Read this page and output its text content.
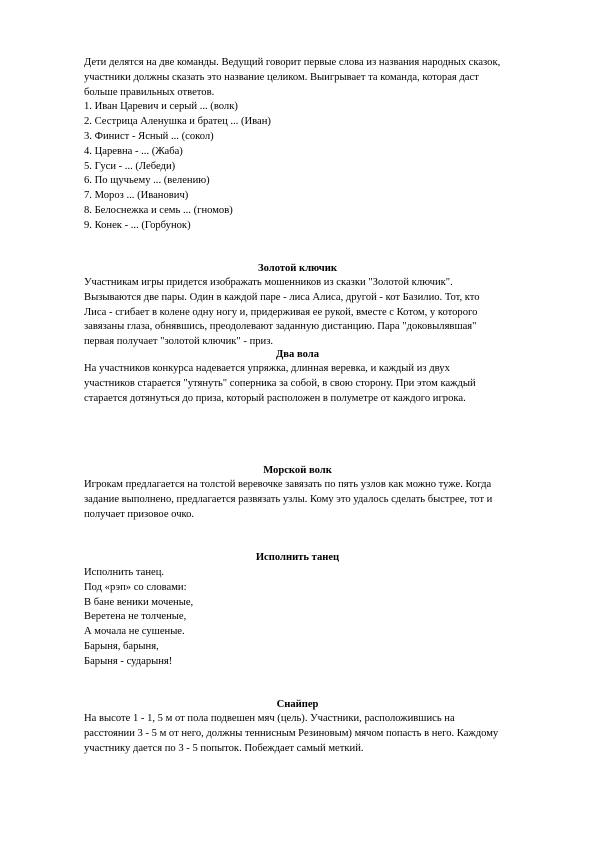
Дети делятся на две команды. Ведущий говорит первые слова из названия народных сказок,

участники должны сказать это название целиком. Выигрывает та команда, которая даст

больше правильных ответов.

1. Иван Царевич и серый ... (волк)

2. Сестрица Аленушка и братец ... (Иван)

3. Финист - Ясный ... (сокол)

4. Царевна - ... (Жаба)

5. Гуси - ... (Лебеди)

6. По щучьему ... (велению)

7. Мороз ... (Иванович)

8. Белоснежка и семь ... (гномов)

9. Конек - ... (Горбунок)

Золотой ключик

Участникам игры придется изображать мошенников из сказки "Золотой ключик".

Вызываются две пары. Один в каждой паре - лиса Алиса, другой - кот Базилио. Тот, кто

Лиса - сгибает в колене одну ногу и, придерживая ее рукой, вместе с Котом, у которого

завязаны глаза, обнявшись, преодолевают заданную дистанцию. Пара "доковылявшая"

первая получает "золотой ключик" - приз.

Два вола

На участников конкурса надевается упряжка, длинная веревка, и каждый из двух

участников старается "утянуть" соперника за собой, в свою сторону. При этом каждый

старается дотянуться до приза, который расположен в полуметре от каждого игрока.

Морской волк

Игрокам предлагается на толстой веревочке завязать по пять узлов как можно туже. Когда

задание выполнено, предлагается развязать узлы. Кому это удалось сделать быстрее, тот и

получает призовое очко.

Исполнить танец

Исполнить танец.

Под «рэп» со словами:

В бане веники моченые,

Веретена не толченые,

А мочала не сушеные.

Барыня, барыня,

Барыня - сударыня!

Снайпер

На высоте 1 - 1, 5 м от пола подвешен мяч (цель). Участники, расположившись на

расстоянии 3 - 5 м от него, должны теннисным Резиновым) мячом попасть в него. Каждому

участнику дается по 3 - 5 попыток. Побеждает самый меткий.
